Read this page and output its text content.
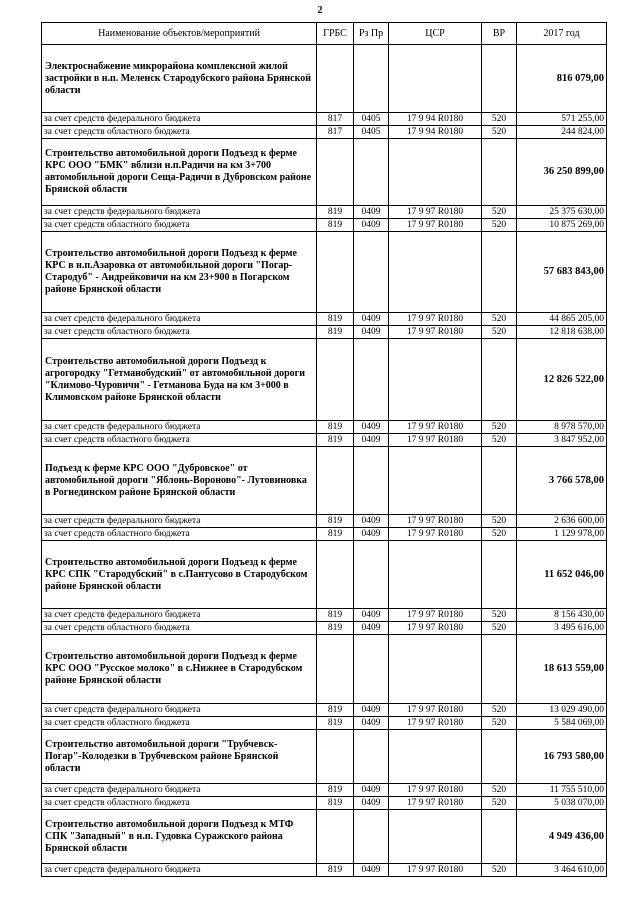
2
Наименование объектов/мероприятий	ГРБС	Рз Пр	ЦСР	ВР	2017 год
Электроснабжение микрорайона комплексной жилой застройки в н.п. Меленск Стародубского района Брянской области					816 079,00
за счет средств федерального бюджета	817	0405	17 9 94 R0180	520	571 255,00
за счет средств областного бюджета	817	0405	17 9 94 R0180	520	244 824,00
Строительство автомобильной дороги Подъезд к ферме КРС ООО "БМК" вблизи н.п.Радичи на км 3+700 автомобильной дороги Сеща-Радичи в Дубровском районе Брянской области					36 250 899,00
за счет средств федерального бюджета	819	0409	17 9 97 R0180	520	25 375 630,00
за счет средств областного бюджета	819	0409	17 9 97 R0180	520	10 875 269,00
Строительство автомобильной дороги Подъезд к ферме КРС в н.п.Азаровка от автомобильной дороги "Погар-Стародуб" - Андрейковичи на км 23+900 в Погарском районе Брянской области					57 683 843,00
за счет средств федерального бюджета	819	0409	17 9 97 R0180	520	44 865 205,00
за счет средств областного бюджета	819	0409	17 9 97 R0180	520	12 818 638,00
Строительство автомобильной дороги Подъезд к агрогородку "Гетманобудский" от автомобильной дороги "Климово-Чуровичи" - Гетманова Буда на км 3+000 в Климовском районе Брянской области					12 826 522,00
за счет средств федерального бюджета	819	0409	17 9 97 R0180	520	8 978 570,00
за счет средств областного бюджета	819	0409	17 9 97 R0180	520	3 847 952,00
Подъезд к ферме КРС ООО "Дубровское" от автомобильной дороги "Яблонь-Вороново"- Лутовиновка в Рогнединском районе Брянской области					3 766 578,00
за счет средств федерального бюджета	819	0409	17 9 97 R0180	520	2 636 600,00
за счет средств областного бюджета	819	0409	17 9 97 R0180	520	1 129 978,00
Строительство автомобильной дороги Подъезд к ферме КРС СПК "Стародубский" в с.Пантусово в Стародубском районе Брянской области					11 652 046,00
за счет средств федерального бюджета	819	0409	17 9 97 R0180	520	8 156 430,00
за счет средств областного бюджета	819	0409	17 9 97 R0180	520	3 495 616,00
Строительство автомобильной дороги Подъезд к ферме КРС ООО "Русское молоко" в с.Нижнее в Стародубском районе Брянской области					18 613 559,00
за счет средств федерального бюджета	819	0409	17 9 97 R0180	520	13 029 490,00
за счет средств областного бюджета	819	0409	17 9 97 R0180	520	5 584 069,00
Строительство автомобильной дороги "Трубчевск-Погар"-Колодезки в Трубчевском районе Брянской области					16 793 580,00
за счет средств федерального бюджета	819	0409	17 9 97 R0180	520	11 755 510,00
за счет средств областного бюджета	819	0409	17 9 97 R0180	520	5 038 070,00
Строительство автомобильной дороги Подъезд к МТФ СПК "Западный" в н.п. Гудовка Суражского района Брянской области					4 949 436,00
за счет средств федерального бюджета	819	0409	17 9 97 R0180	520	3 464 610,00
